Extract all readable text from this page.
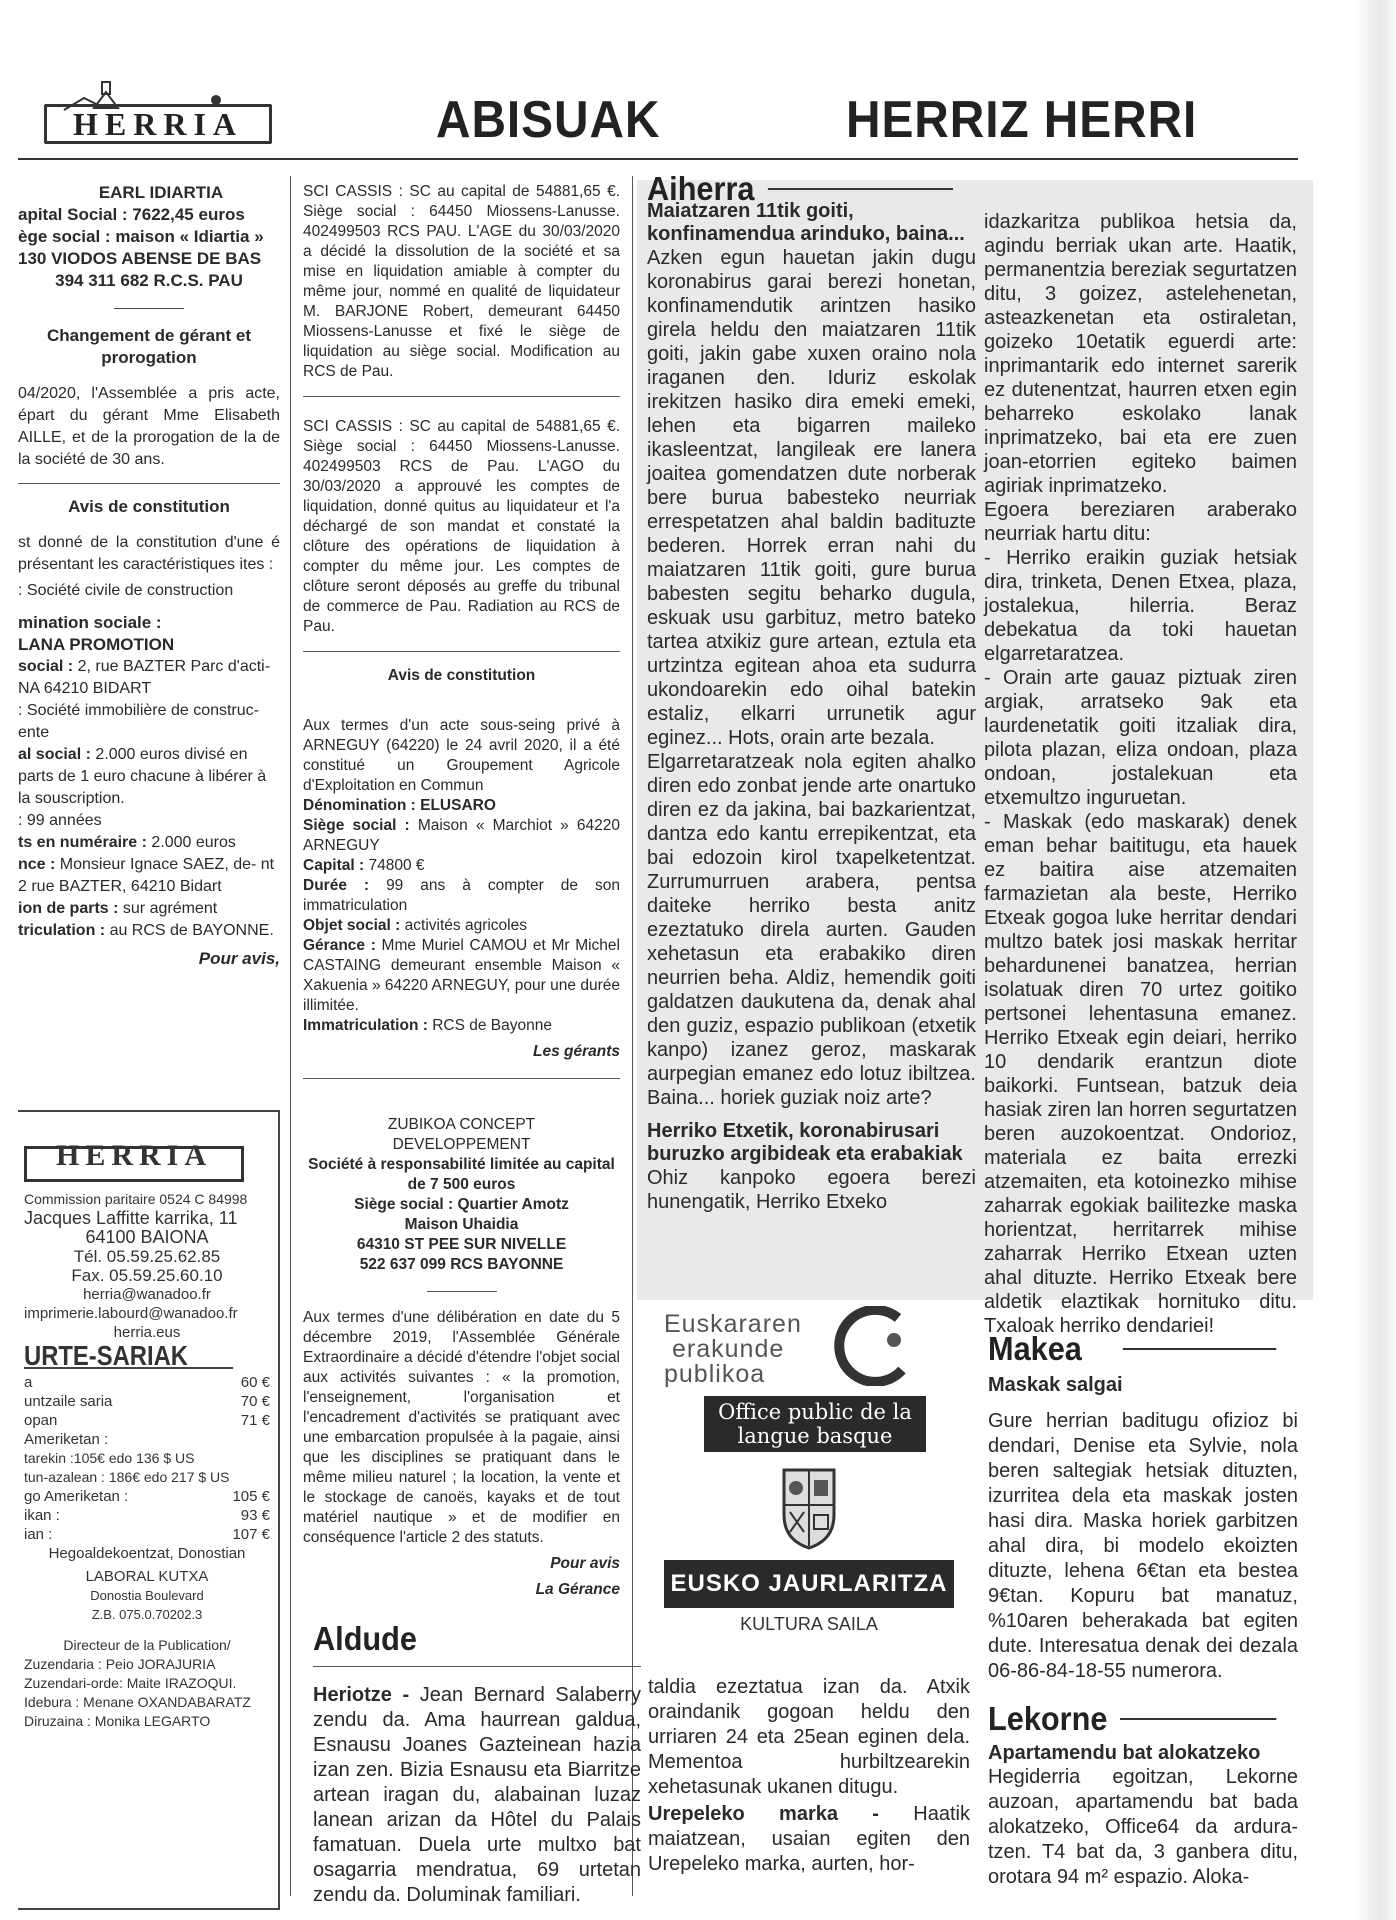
HERRIA	ABISUAK	HERRIZ HERRI
EARL IDIARTIA
apital Social : 7622,45 euros
ège social : maison « Idiartia »
130 VIODOS ABENSE DE BAS
394 311 682 R.C.S. PAU
Changement de gérant et prorogation
04/2020, l'Assemblée a pris acte, épart du gérant Mme Elisabeth AILLE, et de la prorogation de la de la société de 30 ans.
Avis de constitution
st donné de la constitution d'une é présentant les caractéristiques ites :
: Société civile de construction
mination sociale :
LANA PROMOTION
social : 2, rue BAZTER Parc d'acti- NA 64210 BIDART
: Société immobilière de construc- ente
al social : 2.000 euros divisé en parts de 1 euro chacune à libérer à la souscription.
: 99 années
ts en numéraire : 2.000 euros
nce : Monsieur Ignace SAEZ, de- nt 2 rue BAZTER, 64210 Bidart
ion de parts : sur agrément
triculation : au RCS de BAYONNE.
Pour avis,
HERRIA
Commission paritaire 0524 C 84998
Jacques Laffitte karrika, 11
64100 BAIONA
Tél. 05.59.25.62.85
Fax. 05.59.25.60.10
herria@wanadoo.fr
imprimerie.labourd@wanadoo.fr
herria.eus
URTE-SARIAK
a	60 €
untzaile saria	70 €
opan	71 €
Ameriketan :
tarekin :105€ edo 136 $ US
tun-azalean : 186€ edo 217 $ US
go Ameriketan :	105 €
ikan :	93 €
ian :	107 €
Hegoaldekoentzat, Donostian
LABORAL KUTXA
Donostia Boulevard
Z.B. 075.0.70202.3
Directeur de la Publication/
Zuzendaria : Peio JORAJURIA
Zuzendari-orde: Maite IRAZOQUI.
Idebura : Menane OXANDABARATZ
Diruzaina : Monika LEGARTO
SCI CASSIS : SC au capital de 54881,65 €. Siège social : 64450 Miossens-Lanusse. 402499503 RCS PAU. L'AGE du 30/03/2020 a décidé la dissolution de la société et sa mise en liquidation amiable à compter du même jour, nommé en qualité de liquidateur M. BARJONE Robert, demeurant 64450 Miossens-Lanusse et fixé le siège de liquidation au siège social. Modification au RCS de Pau.
SCI CASSIS : SC au capital de 54881,65 €. Siège social : 64450 Miossens-Lanusse. 402499503 RCS de Pau. L'AGO du 30/03/2020 a approuvé les comptes de liquidation, donné quitus au liquidateur et l'a déchargé de son mandat et constaté la clôture des opérations de liquidation à compter du même jour. Les comptes de clôture seront déposés au greffe du tribunal de commerce de Pau. Radiation au RCS de Pau.
Avis de constitution
Aux termes d'un acte sous-seing privé à ARNEGUY (64220) le 24 avril 2020, il a été constitué un Groupement Agricole d'Exploitation en Commun
Dénomination : ELUSARO
Siège social : Maison « Marchiot » 64220 ARNEGUY
Capital : 74800 €
Durée : 99 ans à compter de son immatriculation
Objet social : activités agricoles
Gérance : Mme Muriel CAMOU et Mr Michel CASTAING demeurant ensemble Maison « Xakuenia » 64220 ARNEGUY, pour une durée illimitée.
Immatriculation : RCS de Bayonne
Les gérants
ZUBIKOA CONCEPT
DEVELOPPEMENT
Société à responsabilité limitée au capital de 7 500 euros
Siège social : Quartier Amotz
Maison Uhaidia
64310 ST PEE SUR NIVELLE
522 637 099 RCS BAYONNE
Aux termes d'une délibération en date du 5 décembre 2019, l'Assemblée Générale Extraordinaire a décidé d'étendre l'objet social aux activités suivantes : « la promotion, l'enseignement, l'organisation et l'encadrement d'activités se pratiquant avec une embarcation propulsée à la pagaie, ainsi que les disciplines se pratiquant dans le même milieu naturel ; la location, la vente et le stockage de canoës, kayaks et de tout matériel nautique » et de modifier en conséquence l'article 2 des statuts.
Pour avis
La Gérance
Aiherra
Maiatzaren 11tik goiti, konfinamendua arinduko, baina...
Azken egun hauetan jakin dugu koronabirus garai berezi honetan, konfinamendutik arintzen hasiko girela heldu den maiatzaren 11tik goiti, jakin gabe xuxen oraino nola iraganen den. Iduriz eskolak irekitzen hasiko dira emeki emeki, lehen eta bigarren maileko ikasleentzat, langileak ere lanera joaitea gomendatzen dute norberak bere burua babesteko neurriak errespetatzen ahal baldin badituzte bederen. Horrek erran nahi du maiatzaren 11tik goiti, gure burua babesten segitu beharko dugula, eskuak usu garbituz, metro bateko tartea atxikiz gure artean, eztula eta urtzintza egitean ahoa eta sudurra ukondoarekin edo oihal batekin estaliz, elkarri urrunetik agur eginez... Hots, orain arte bezala.
Elgarretaratzeak nola egiten ahalko diren edo zonbat jende arte onartuko diren ez da jakina, bai bazkarientzat, dantza edo kantu errepikentzat, eta bai edozoin kirol txapelketentzat. Zurrumurruen arabera, pentsa daiteke herriko besta anitz ezeztatuko direla aurten. Gauden xehetasun eta erabakiko diren neurrien beha. Aldiz, hemendik goiti galdatzen daukutena da, denak ahal den guziz, espazio publikoan (etxetik kanpo) izanez geroz, maskarak aurpegian emanez edo lotuz ibiltzea. Baina... horiek guziak noiz arte?
Herriko Etxetik, koronabirusari buruzko argibideak eta erabakiak
Ohiz kanpoko egoera berezi hunengatik, Herriko Etxeko
idazkaritza publikoa hetsia da, agindu berriak ukan arte. Haatik, permanentzia bereziak segurtatzen ditu, 3 goizez, astelehenetan, asteazkenetan eta ostiraletan, goizeko 10etatik eguerdi arte: inprimantarik edo internet sarerik ez dutenentzat, haurren etxen egin beharreko eskolako lanak inprimatzeko, bai eta ere zuen joan-etorrien egiteko baimen agiriak inprimatzeko.
Egoera bereziaren araberako neurriak hartu ditu:
- Herriko eraikin guziak hetsiak dira, trinketa, Denen Etxea, plaza, jostalekua, hilerria. Beraz debekatua da toki hauetan elgarretaratzea.
- Orain arte gauaz piztuak ziren argiak, arratseko 9ak eta laurdenetatik goiti itzaliak dira, pilota plazan, eliza ondoan, plaza ondoan, jostalekuan eta etxemultzo inguruetan.
- Maskak (edo maskarak) denek eman behar baititugu, eta hauek ez baitira aise atzemaiten farmazietan ala beste, Herriko Etxeak gogoa luke herritar dendari multzo batek josi maskak herritar behardunenei banatzea, herrian isolatuak diren 70 urtez goitiko pertsonei lehentasuna emanez. Herriko Etxeak egin deiari, herriko 10 dendarik erantzun diote baikorki. Funtsean, batzuk deia hasiak ziren lan horren segurtatzen beren auzokoentzat. Ondorioz, materiala ez baita errezki atzemaiten, eta kotoinezko mihise zaharrak egokiak bailitezke maska horientzat, herritarrek mihise zaharrak Herriko Etxean uzten ahal dituzte. Herriko Etxeak bere aldetik elaztikak hornituko ditu. Txaloak herriko dendariei!
Euskararen
erakunde
publikoa
Office public de la langue basque
EUSKO JAURLARITZA
KULTURA SAILA
Makea
Maskak salgai
Gure herrian baditugu ofizioz bi dendari, Denise eta Sylvie, nola beren saltegiak hetsiak dituzten, izurritea dela eta maskak josten hasi dira. Maska horiek garbitzen ahal dira, bi modelo ekoizten dituzte, lehena 6€tan eta bestea 9€tan. Kopuru bat manatuz, %10aren beherakada bat egiten dute. Interesatua denak dei dezala 06-86-84-18-55 numerora.
Aldude
Heriotze - Jean Bernard Salaberry zendu da. Ama haurrean galdua, Esnausu Joanes Gazteinean hazia izan zen. Bizia Esnausu eta Biarritze artean iragan du, alabainan luzaz lanean arizan da Hôtel du Palais famatuan. Duela urte multxo bat osagarria mendratua, 69 urtetan zendu da. Doluminak familiari.
taldia ezeztatua izan da. Atxik oraindanik gogoan heldu den urriaren 24 eta 25ean eginen dela. Mementoa hurbiltzearekin xehetasunak ukanen ditugu.
Urepeleko marka - Haatik maiatzean, usaian egiten den Urepeleko marka, aurten, hor-
Lekorne
Apartamendu bat alokatzeko
Hegiderria egoitzan, Lekorne auzoan, apartamendu bat bada alokatzeko, Office64 da ardura- tzen. T4 bat da, 3 ganbera ditu, orotara 94 m² espazio. Aloka-
